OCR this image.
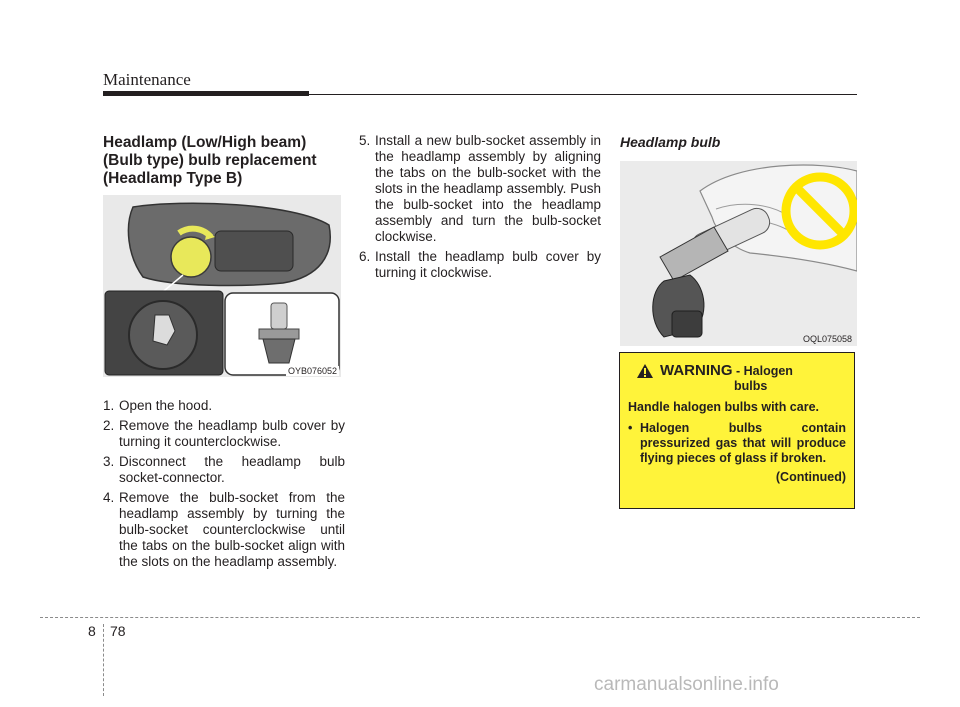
Maintenance
Headlamp (Low/High beam)
(Bulb type) bulb replacement
(Headlamp Type B)
OYB076052
1. Open the hood.
2. Remove the headlamp bulb cover by turning it counterclockwise.
3. Disconnect the headlamp bulb socket-connector.
4. Remove the bulb-socket from the headlamp assembly by turning the bulb-socket counterclockwise until the tabs on the bulb-socket align with the slots on the headlamp assembly.
5. Install a new bulb-socket assembly in the headlamp assembly by aligning the tabs on the bulb-socket with the slots in the headlamp assembly. Push the bulb-socket into the headlamp assembly and turn the bulb-socket clockwise.
6. Install the headlamp bulb cover by turning it clockwise.
Headlamp bulb
OQL075058
WARNING - Halogen
bulbs
Handle halogen bulbs with care.
• Halogen bulbs contain pressurized gas that will produce flying pieces of glass if broken.
(Continued)
8 78
carmanualsonline.info
